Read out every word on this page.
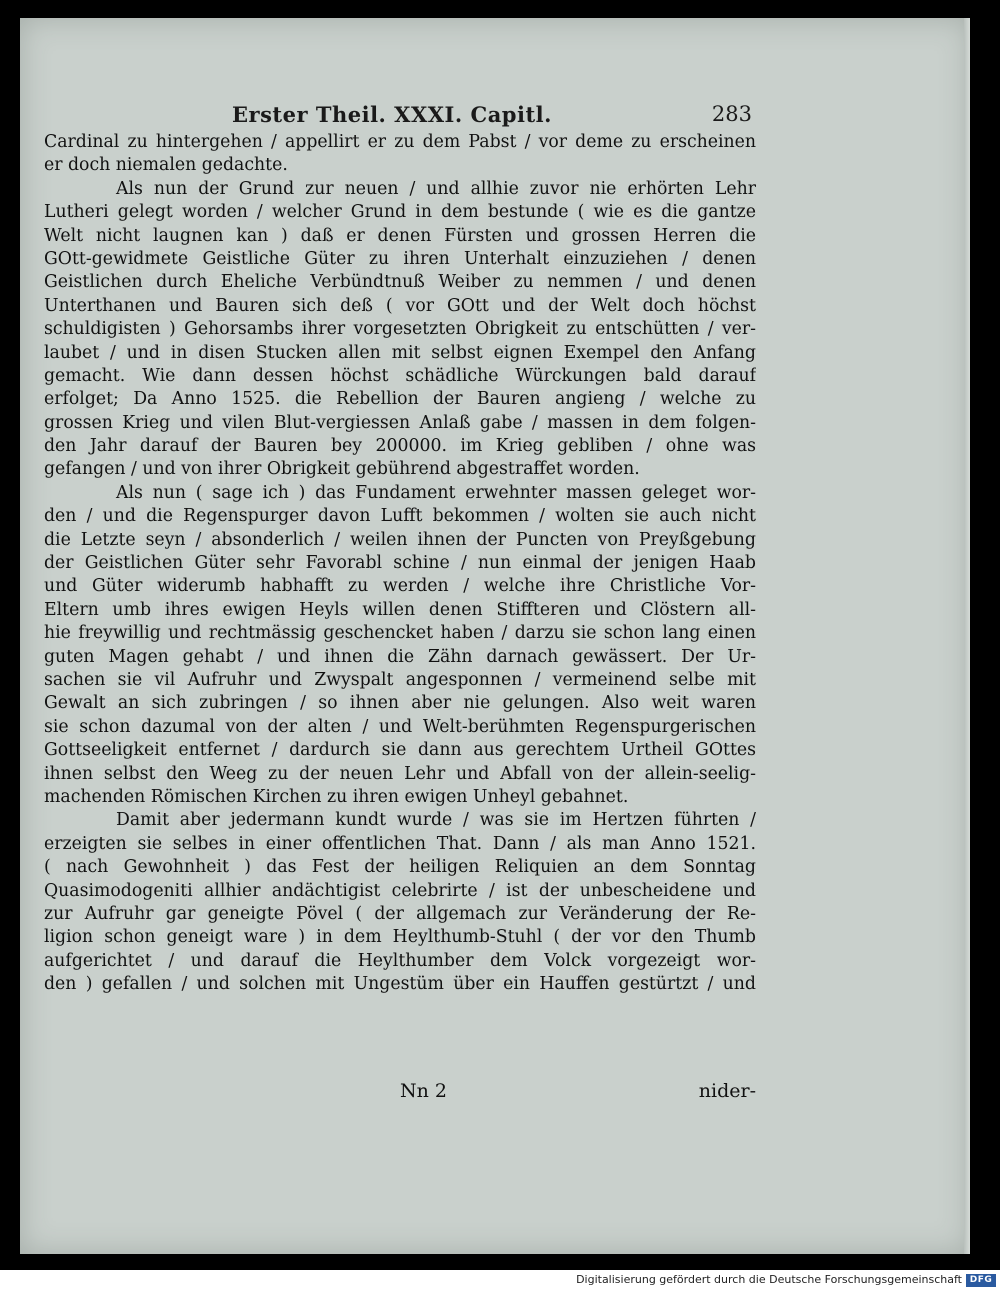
Erster Theil. XXXI. Capitl.	283
Cardinal zu hintergehen / appellirt er zu dem Pabst / vor deme zu erscheinen
er doch niemalen gedachte.
Als nun der Grund zur neuen / und allhie zuvor nie erhörten Lehr
Lutheri gelegt worden / welcher Grund in dem bestunde ( wie es die gantze
Welt nicht laugnen kan ) daß er denen Fürsten und grossen Herren die
GOtt-gewidmete Geistliche Güter zu ihren Unterhalt einzuziehen / denen
Geistlichen durch Eheliche Verbündtnuß Weiber zu nemmen / und denen
Unterthanen und Bauren sich deß ( vor GOtt und der Welt doch höchst
schuldigisten ) Gehorsambs ihrer vorgesetzten Obrigkeit zu entschütten / ver-
laubet / und in disen Stucken allen mit selbst eignen Exempel den Anfang
gemacht. Wie dann dessen höchst schädliche Würckungen bald darauf
erfolget; Da Anno 1525. die Rebellion der Bauren angieng / welche zu
grossen Krieg und vilen Blut-vergiessen Anlaß gabe / massen in dem folgen-
den Jahr darauf der Bauren bey 200000. im Krieg gebliben / ohne was
gefangen / und von ihrer Obrigkeit gebührend abgestraffet worden.
Als nun ( sage ich ) das Fundament erwehnter massen geleget wor-
den / und die Regenspurger davon Lufft bekommen / wolten sie auch nicht
die Letzte seyn / absonderlich / weilen ihnen der Puncten von Preyßgebung
der Geistlichen Güter sehr Favorabl schine / nun einmal der jenigen Haab
und Güter widerumb habhafft zu werden / welche ihre Christliche Vor-
Eltern umb ihres ewigen Heyls willen denen Stiffteren und Clöstern all-
hie freywillig und rechtmässig geschencket haben / darzu sie schon lang einen
guten Magen gehabt / und ihnen die Zähn darnach gewässert. Der Ur-
sachen sie vil Aufruhr und Zwyspalt angesponnen / vermeinend selbe mit
Gewalt an sich zubringen / so ihnen aber nie gelungen. Also weit waren
sie schon dazumal von der alten / und Welt-berühmten Regenspurgerischen
Gottseeligkeit entfernet / dardurch sie dann aus gerechtem Urtheil GOttes
ihnen selbst den Weeg zu der neuen Lehr und Abfall von der allein-seelig-
machenden Römischen Kirchen zu ihren ewigen Unheyl gebahnet.
Damit aber jedermann kundt wurde / was sie im Hertzen führten /
erzeigten sie selbes in einer offentlichen That. Dann / als man Anno 1521.
( nach Gewohnheit ) das Fest der heiligen Reliquien an dem Sonntag
Quasimodogeniti allhier andächtigist celebrirte / ist der unbescheidene und
zur Aufruhr gar geneigte Pövel ( der allgemach zur Veränderung der Re-
ligion schon geneigt ware ) in dem Heylthumb-Stuhl ( der vor den Thumb
aufgerichtet / und darauf die Heylthumber dem Volck vorgezeigt wor-
den ) gefallen / und solchen mit Ungestüm über ein Hauffen gestürtzt / und
Nn 2	nider-
Digitalisierung gefördert durch die Deutsche Forschungsgemeinschaft DFG
